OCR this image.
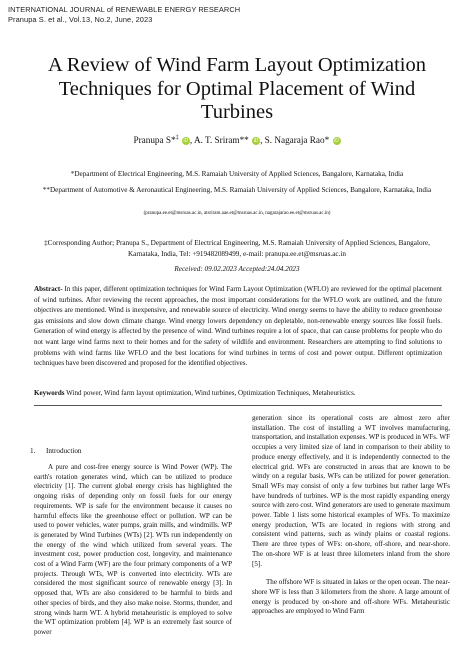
INTERNATIONAL JOURNAL of RENEWABLE ENERGY RESEARCH
Pranupa S. et al., Vol.13, No.2, June, 2023
A Review of Wind Farm Layout Optimization Techniques for Optimal Placement of Wind Turbines
Pranupa S*‡ iD , A. T. Sriram** iD , S. Nagaraja Rao* iD
*Department of Electrical Engineering, M.S. Ramaiah University of Applied Sciences, Bangalore, Karnataka, India
**Department of Automotive & Aeronautical Engineering, M.S. Ramaiah University of Applied Sciences, Bangalore, Karnataka, India
(pranupa.ee.et@msruas.ac.in, atsriram.aae.et@msruas.ac.in, nagarajarao.ee.et@msruas.ac.in)
‡Corresponding Author; Pranupa S., Department of Electrical Engineering, M.S. Ramaiah University of Applied Sciences, Bangalore, Karnataka, India, Tel: +919482089499, e-mail: pranupa.ee.et@msruas.ac.in
Received: 09.02.2023 Accepted:24.04.2023
Abstract- In this paper, different optimization techniques for Wind Farm Layout Optimization (WFLO) are reviewed for the optimal placement of wind turbines. After reviewing the recent approaches, the most important considerations for the WFLO work are outlined, and the future objectives are mentioned. Wind is inexpensive, and renewable source of electricity. Wind energy seems to have the ability to reduce greenhouse gas emissions and slow down climate change. Wind energy lowers dependency on depletable, non-renewable energy sources like fossil fuels. Generation of wind energy is affected by the presence of wind. Wind turbines require a lot of space, that can cause problems for people who do not want large wind farms next to their homes and for the safety of wildlife and environment. Researchers are attempting to find solutions to problems with wind farms like WFLO and the best locations for wind turbines in terms of cost and power output. Different optimization techniques have been discovered and proposed for the identified objectives.
Keywords Wind power, Wind farm layout optimization, Wind turbines, Optimization Techniques, Metaheuristics.
1. Introduction
A pure and cost-free energy source is Wind Power (WP). The earth's rotation generates wind, which can be utilized to produce electricity [1]. The current global energy crisis has highlighted the ongoing risks of depending only on fossil fuels for our energy requirements. WP is safe for the environment because it causes no harmful effects like the greenhouse effect or pollution. WP can be used to power vehicles, water pumps, grain mills, and windmills. WP is generated by Wind Turbines (WTs) [2]. WTs run independently on the energy of the wind which utilized from several years. The investment cost, power production cost, longevity, and maintenance cost of a Wind Farm (WF) are the four primary components of a WP projects. Through WTs, WP is converted into electricity. WTs are considered the most significant source of renewable energy [3]. In opposed that, WTs are also considered to be harmful to birds and other species of birds, and they also make noise. Storms, thunder, and strong winds harm WT. A hybrid metaheuristic is employed to solve the WT optimization problem [4]. WP is an extremely fast source of power

generation since its operational costs are almost zero after installation. The cost of installing a WT involves manufacturing, transportation, and installation expenses. WP is produced in WFs. WF occupies a very limited size of land in comparison to their ability to produce energy effectively, and it is independently connected to the electrical grid. WFs are constructed in areas that are known to be windy on a regular basis, WFs can be utilized for power generation. Small WFs may consist of only a few turbines but rather large WFs have hundreds of turbines. WP is the most rapidly expanding energy source with zero cost. Wind generators are used to generate maximum power. Table 1 lists some historical examples of WFs. To maximize energy production, WTs are located in regions with strong and consistent wind patterns, such as windy plains or coastal regions. There are three types of WFs: on-shore, off-shore, and near-shore. The on-shore WF is at least three kilometers inland from the shore [5].

The offshore WF is situated in lakes or the open ocean. The near-shore WF is less than 3 kilometers from the shore. A large amount of energy is produced by on-shore and off-shore WFs. Metaheuristic approaches are employed to Wind Farm
